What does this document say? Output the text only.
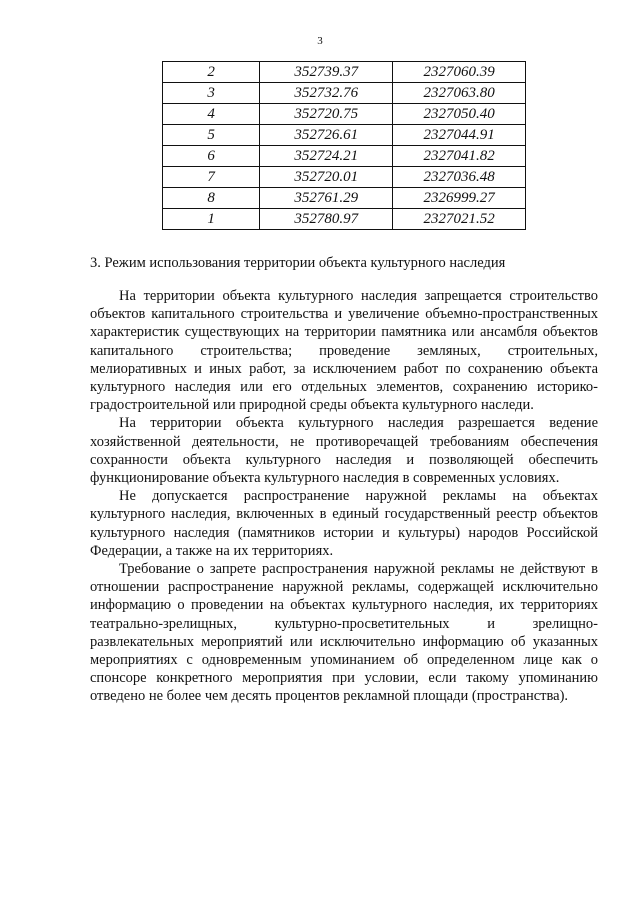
3
2	352739.37	2327060.39
3	352732.76	2327063.80
4	352720.75	2327050.40
5	352726.61	2327044.91
6	352724.21	2327041.82
7	352720.01	2327036.48
8	352761.29	2326999.27
1	352780.97	2327021.52
3. Режим использования территории объекта культурного наследия

На территории объекта культурного наследия запрещается строительство объектов капитального строительства и увеличение объемно-пространственных характеристик существующих на территории памятника или ансамбля объектов капитального строительства; проведение земляных, строительных, мелиоративных и иных работ, за исключением работ по сохранению объекта культурного наследия или его отдельных элементов, сохранению историко-градостроительной или природной среды объекта культурного наследи.

На территории объекта культурного наследия разрешается ведение хозяйственной деятельности, не противоречащей требованиям обеспечения сохранности объекта культурного наследия и позволяющей обеспечить функционирование объекта культурного наследия в современных условиях.

Не допускается распространение наружной рекламы на объектах культурного наследия, включенных в единый государственный реестр объектов культурного наследия (памятников истории и культуры) народов Российской Федерации, а также на их территориях.

Требование о запрете распространения наружной рекламы не действуют в отношении распространение наружной рекламы, содержащей исключительно информацию о проведении на объектах культурного наследия, их территориях театрально-зрелищных, культурно-просветительных и зрелищно-развлекательных мероприятий или исключительно информацию об указанных мероприятиях с одновременным упоминанием об определенном лице как о спонсоре конкретного мероприятия при условии, если такому упоминанию отведено не более чем десять процентов рекламной площади (пространства).
